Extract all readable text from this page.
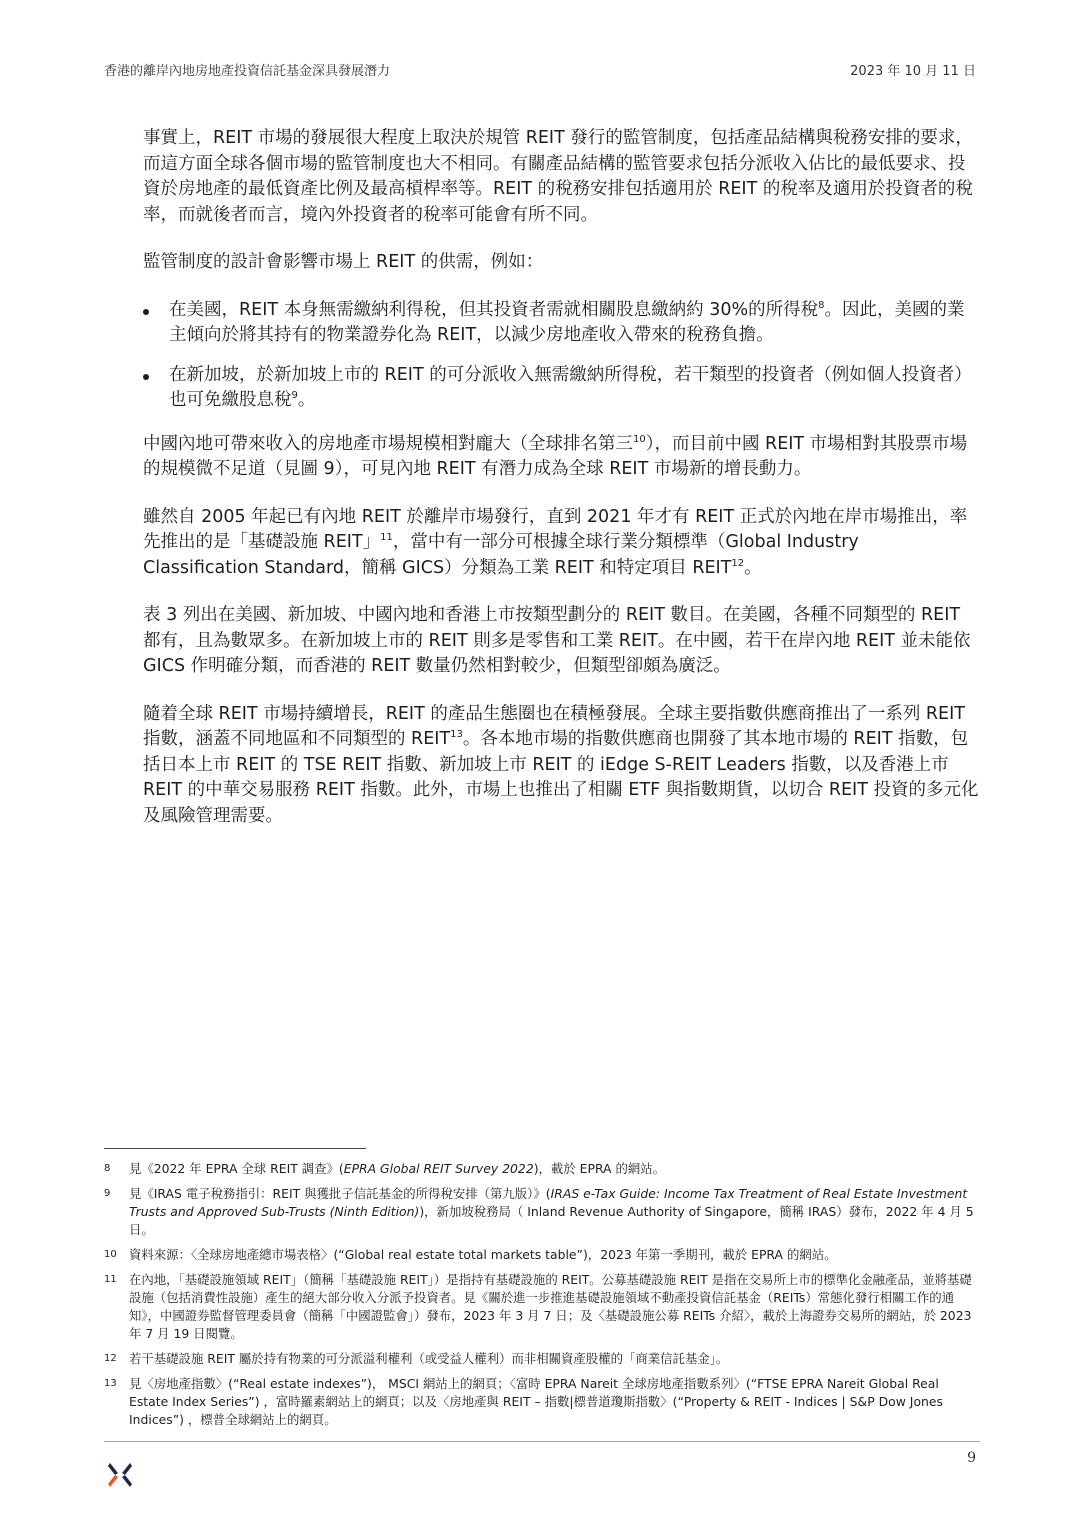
香港的離岸內地房地產投資信託基金深具發展潛力	2023 年 10 月 11 日

事實上，REIT 市場的發展很大程度上取決於規管 REIT 發行的監管制度，包括產品結構與稅務安排的要求，而這方面全球各個市場的監管制度也大不相同。有關產品結構的監管要求包括分派收入佔比的最低要求、投資於房地產的最低資產比例及最高槓桿率等。REIT 的稅務安排包括適用於 REIT 的稅率及適用於投資者的稅率，而就後者而言，境內外投資者的稅率可能會有所不同。

監管制度的設計會影響市場上 REIT 的供需，例如：

在美國，REIT 本身無需繳納利得稅，但其投資者需就相關股息繳納約 30%的所得稅$^8$。因此，美國的業主傾向於將其持有的物業證券化為 REIT，以減少房地產收入帶來的稅務負擔。
在新加坡，於新加坡上市的 REIT 的可分派收入無需繳納所得稅，若干類型的投資者（例如個人投資者）也可免繳股息稅$^9$。

中國內地可帶來收入的房地產市場規模相對龐大（全球排名第三$^{10}$），而目前中國 REIT 市場相對其股票市場的規模微不足道（見圖 9），可見內地 REIT 有潛力成為全球 REIT 市場新的增長動力。

雖然自 2005 年起已有內地 REIT 於離岸市場發行，直到 2021 年才有 REIT 正式於內地在岸市場推出，率先推出的是「基礎設施 REIT」$^{11}$，當中有一部分可根據全球行業分類標準（Global Industry Classification Standard，簡稱 GICS）分類為工業 REIT 和特定項目 REIT$^{12}$。

表 3 列出在美國、新加坡、中國內地和香港上市按類型劃分的 REIT 數目。在美國，各種不同類型的 REIT 都有，且為數眾多。在新加坡上市的 REIT 則多是零售和工業 REIT。在中國，若干在岸內地 REIT 並未能依 GICS 作明確分類，而香港的 REIT 數量仍然相對較少，但類型卻頗為廣泛。

隨着全球 REIT 市場持續增長，REIT 的產品生態圈也在積極發展。全球主要指數供應商推出了一系列 REIT 指數，涵蓋不同地區和不同類型的 REIT$^{13}$。各本地市場的指數供應商也開發了其本地市場的 REIT 指數，包括日本上市 REIT 的 TSE REIT 指數、新加坡上市 REIT 的 iEdge S-REIT Leaders 指數，以及香港上市 REIT 的中華交易服務 REIT 指數。此外，市場上也推出了相關 ETF 與指數期貨，以切合 REIT 投資的多元化及風險管理需要。

8 見《2022 年 EPRA 全球 REIT 調查》(EPRA Global REIT Survey 2022)，載於 EPRA 的網站。
9 見《IRAS 電子稅務指引：REIT 與獲批子信託基金的所得稅安排（第九版）》(IRAS e-Tax Guide: Income Tax Treatment of Real Estate Investment Trusts and Approved Sub-Trusts (Ninth Edition))，新加坡稅務局（ Inland Revenue Authority of Singapore，簡稱 IRAS）發布，2022 年 4 月 5 日。
10 資料來源：〈全球房地產總市場表格〉(“Global real estate total markets table”)，2023 年第一季期刊，載於 EPRA 的網站。
11 在內地，「基礎設施領域 REIT」（簡稱「基礎設施 REIT」）是指持有基礎設施的 REIT。公募基礎設施 REIT 是指在交易所上市的標準化金融產品，並將基礎設施（包括消費性設施）產生的絕大部分收入分派予投資者。見《關於進一步推進基礎設施領域不動產投資信託基金（REITs）常態化發行相關工作的通知》，中國證券監督管理委員會（簡稱「中國證監會」）發布，2023 年 3 月 7 日；及〈基礎設施公募 REITs 介紹〉，載於上海證券交易所的網站，於 2023 年 7 月 19 日閱覽。
12 若干基礎設施 REIT 屬於持有物業的可分派溢利權利（或受益人權利）而非相關資產股權的「商業信託基金」。
13 見〈房地產指數〉(“Real estate indexes”)， MSCI 網站上的網頁；〈富時 EPRA Nareit 全球房地產指數系列〉(“FTSE EPRA Nareit Global Real Estate Index Series”) ，富時羅素網站上的網頁；以及〈房地產與 REIT – 指數|標普道瓊斯指數〉(“Property & REIT - Indices | S&P Dow Jones Indices”) ，標普全球網站上的網頁。
9
